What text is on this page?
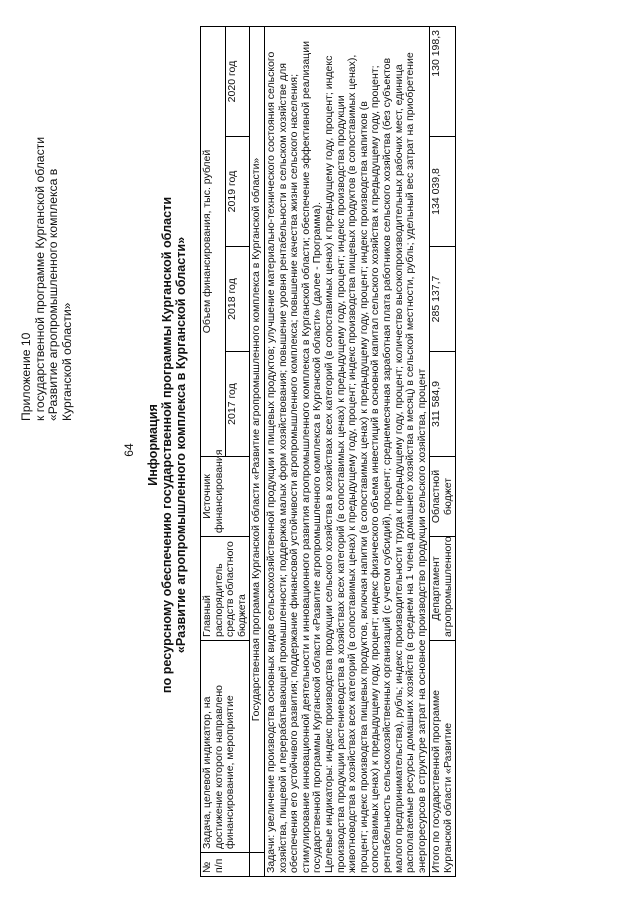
64
Приложение 10 к государственной программе Курганской области «Развитие агропромышленного комплекса в Курганской области»
Информация по ресурсному обеспечению государственной программы Курганской области «Развитие агропромышленного комплекса в Курганской области»
№ п/п	Задача, целевой индикатор, на достижение которого направлено финансирование, мероприятие	Главный распорядитель средств областного бюджета	Источник финансирования	Объем финансирования, тыс. рублей			
				2017 год	2018 год	2019 год	2020 год
	Государственная программа Курганской области «Развитие агропромышленного комплекса в Курганской области»						
Задачи: увеличение производства основных видов сельскохозяйственной продукции и пищевых продуктов; улучшение материально-технического состояния сельского хозяйства, пищевой и перерабатывающей промышленности; поддержка малых форм хозяйствования; повышение уровня рентабельности в сельском хозяйстве для обеспечения его устойчивого развития; поддержание финансовой устойчивости агропромышленного комплекса; повышение качества жизни сельского населения; стимулирование инновационной деятельности и инновационного развития агропромышленного комплекса в Курганской области; обеспечение эффективной реализации государственной программы Курганской области «Развитие агропромышленного комплекса в Курганской области» (далее - Программа).
Целевые индикаторы: индекс производства продукции сельского хозяйства в хозяйствах всех категорий (в сопоставимых ценах) к предыдущему году, процент; индекс производства продукции растениеводства в хозяйствах всех категорий (в сопоставимых ценах) к предыдущему году, процент; индекс производства продукции животноводства в хозяйствах всех категорий (в сопоставимых ценах) к предыдущему году, процент; индекс производства пищевых продуктов (в сопоставимых ценах), процент; индекс производства пищевых продуктов, включая напитки (в сопоставимых ценах) к предыдущему году, процент; индекс производства напитков (в сопоставимых ценах) к предыдущему году, процент; индекс физического объема инвестиций в основной капитал сельского хозяйства к предыдущему году, процент; рентабельность сельскохозяйственных организаций (с учетом субсидий), процент; среднемесячная заработная плата работников сельского хозяйства (без субъектов малого предпринимательства), рубль; индекс производительности труда к предыдущему году, процент; количество высокопроизводительных рабочих мест, единица располагаемые ресурсы домашних хозяйств (в среднем на 1 члена домашнего хозяйства в месяц) в сельской местности, рубль; удельный вес затрат на приобретение энергоресурсов в структуре затрат на основное производство продукции сельского хозяйства, процент							
Итого по государственной программе Курганской области «Развитие		Департамент агропромышленного	Областной бюджет	311 584,9	285 137,7	134 039,8	130 198,3
